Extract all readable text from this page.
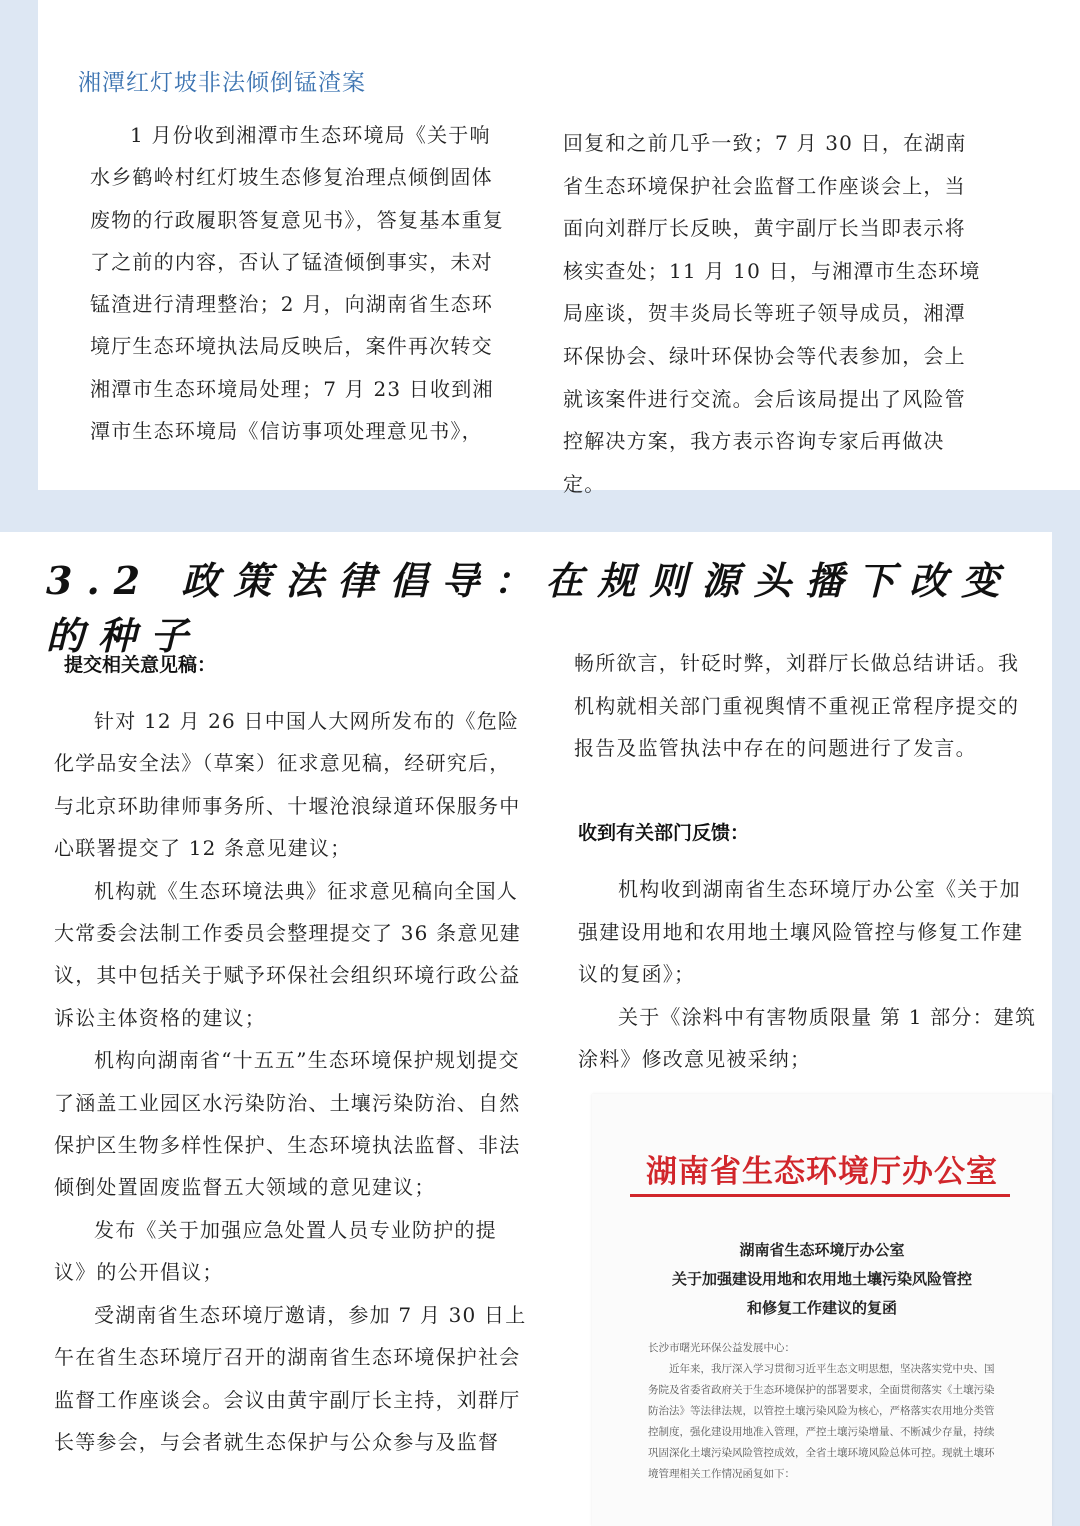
湘潭红灯坡非法倾倒锰渣案

1 月份收到湘潭市生态环境局《关于响水乡鹤岭村红灯坡生态修复治理点倾倒固体废物的行政履职答复意见书》，答复基本重复了之前的内容，否认了锰渣倾倒事实，未对锰渣进行清理整治；2 月，向湖南省生态环境厅生态环境执法局反映后，案件再次转交湘潭市生态环境局处理；7 月 23 日收到湘潭市生态环境局《信访事项处理意见书》，

回复和之前几乎一致；7 月 30 日，在湖南省生态环境保护社会监督工作座谈会上，当面向刘群厅长反映，黄宇副厅长当即表示将核实查处；11 月 10 日，与湘潭市生态环境局座谈，贺丰炎局长等班子领导成员，湘潭环保协会、绿叶环保协会等代表参加，会上就该案件进行交流。会后该局提出了风险管控解决方案，我方表示咨询专家后再做决定。

3.2 政策法律倡导：在规则源头播下改变的种子
提交相关意见稿：

针对 12 月 26 日中国人大网所发布的《危险化学品安全法》（草案）征求意见稿，经研究后，与北京环助律师事务所、十堰沧浪绿道环保服务中心联署提交了 12 条意见建议；

机构就《生态环境法典》征求意见稿向全国人大常委会法制工作委员会整理提交了 36 条意见建议，其中包括关于赋予环保社会组织环境行政公益诉讼主体资格的建议；

机构向湖南省“十五五”生态环境保护规划提交了涵盖工业园区水污染防治、土壤污染防治、自然保护区生物多样性保护、生态环境执法监督、非法倾倒处置固废监督五大领域的意见建议；

发布《关于加强应急处置人员专业防护的提议》的公开倡议；

受湖南省生态环境厅邀请，参加 7 月 30 日上午在省生态环境厅召开的湖南省生态环境保护社会监督工作座谈会。会议由黄宇副厅长主持，刘群厅长等参会，与会者就生态保护与公众参与及监督

畅所欲言，针砭时弊，刘群厅长做总结讲话。我机构就相关部门重视舆情不重视正常程序提交的报告及监管执法中存在的问题进行了发言。

收到有关部门反馈：

机构收到湖南省生态环境厅办公室《关于加强建设用地和农用地土壤风险管控与修复工作建议的复函》；

关于《涂料中有害物质限量 第 1 部分：建筑涂料》修改意见被采纳；

湖南省生态环境厅办公室
湖南省生态环境厅办公室
关于加强建设用地和农用地土壤污染风险管控
和修复工作建议的复函

长沙市曙光环保公益发展中心：

近年来，我厅深入学习贯彻习近平生态文明思想，坚决落实党中央、国务院及省委省政府关于生态环境保护的部署要求，全面贯彻落实《土壤污染防治法》等法律法规，以管控土壤污染风险为核心，严格落实农用地分类管控制度，强化建设用地准入管理，严控土壤污染增量、不断减少存量，持续巩固深化土壤污染风险管控成效，全省土壤环境风险总体可控。现就土壤环境管理相关工作情况函复如下：
